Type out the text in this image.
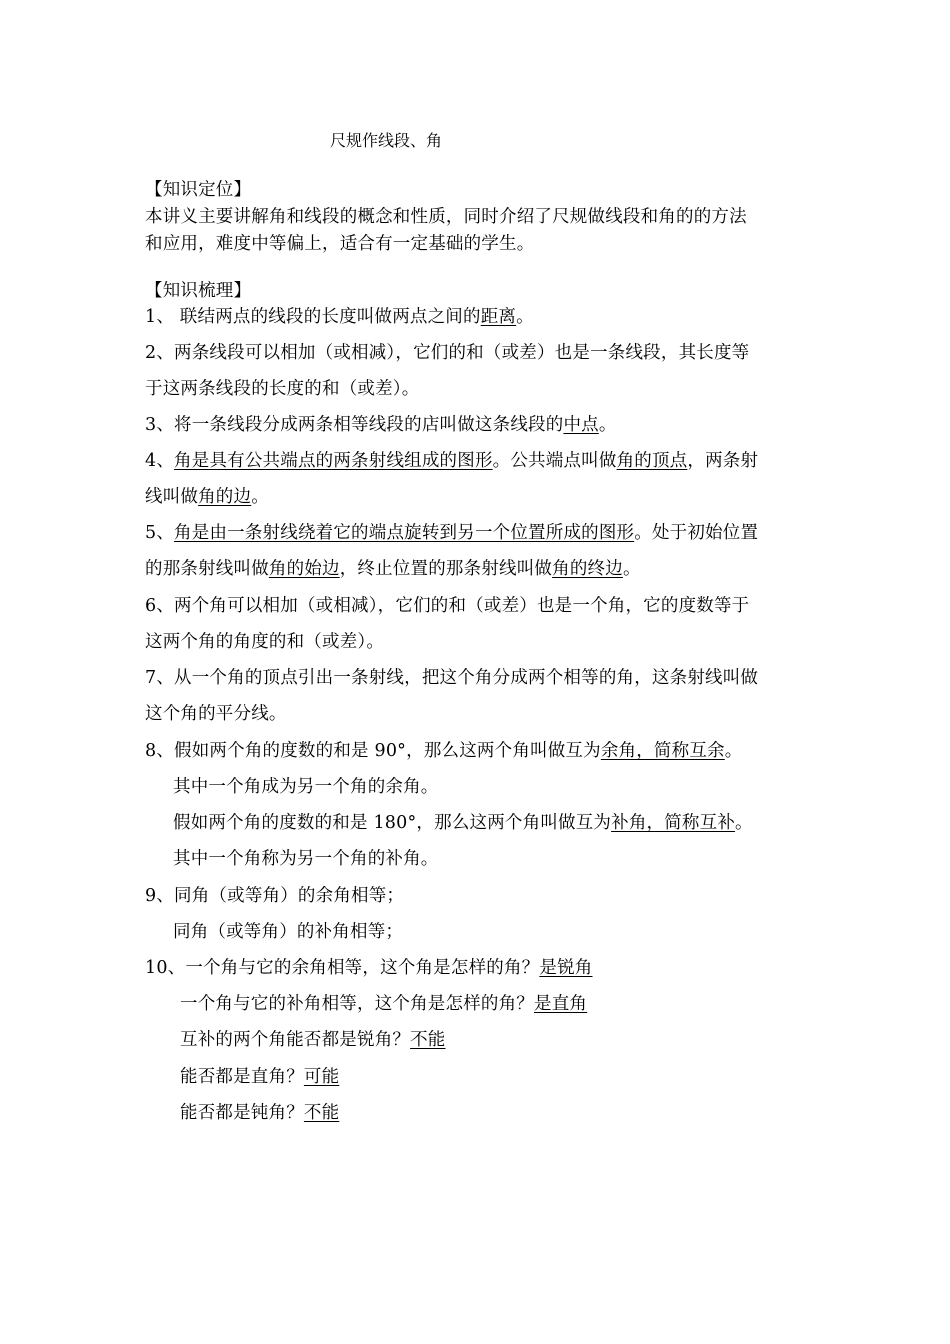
尺规作线段、角
【知识定位】
本讲义主要讲解角和线段的概念和性质，同时介绍了尺规做线段和角的的方法
和应用，难度中等偏上，适合有一定基础的学生。
【知识梳理】
1、 联结两点的线段的长度叫做两点之间的距离。
2、两条线段可以相加（或相减），它们的和（或差）也是一条线段，其长度等
于这两条线段的长度的和（或差）。
3、将一条线段分成两条相等线段的店叫做这条线段的中点。
4、角是具有公共端点的两条射线组成的图形。公共端点叫做角的顶点，两条射
线叫做角的边。
5、角是由一条射线绕着它的端点旋转到另一个位置所成的图形。处于初始位置
的那条射线叫做角的始边，终止位置的那条射线叫做角的终边。
6、两个角可以相加（或相减），它们的和（或差）也是一个角，它的度数等于
这两个角的角度的和（或差）。
7、从一个角的顶点引出一条射线，把这个角分成两个相等的角，这条射线叫做
这个角的平分线。
8、假如两个角的度数的和是 90°，那么这两个角叫做互为余角，简称互余。
其中一个角成为另一个角的余角。
假如两个角的度数的和是 180°，那么这两个角叫做互为补角，简称互补。
其中一个角称为另一个角的补角。
9、同角（或等角）的余角相等；
同角（或等角）的补角相等；
10、一个角与它的余角相等，这个角是怎样的角？是锐角
一个角与它的补角相等，这个角是怎样的角？是直角
互补的两个角能否都是锐角？不能
能否都是直角？可能
能否都是钝角？不能
